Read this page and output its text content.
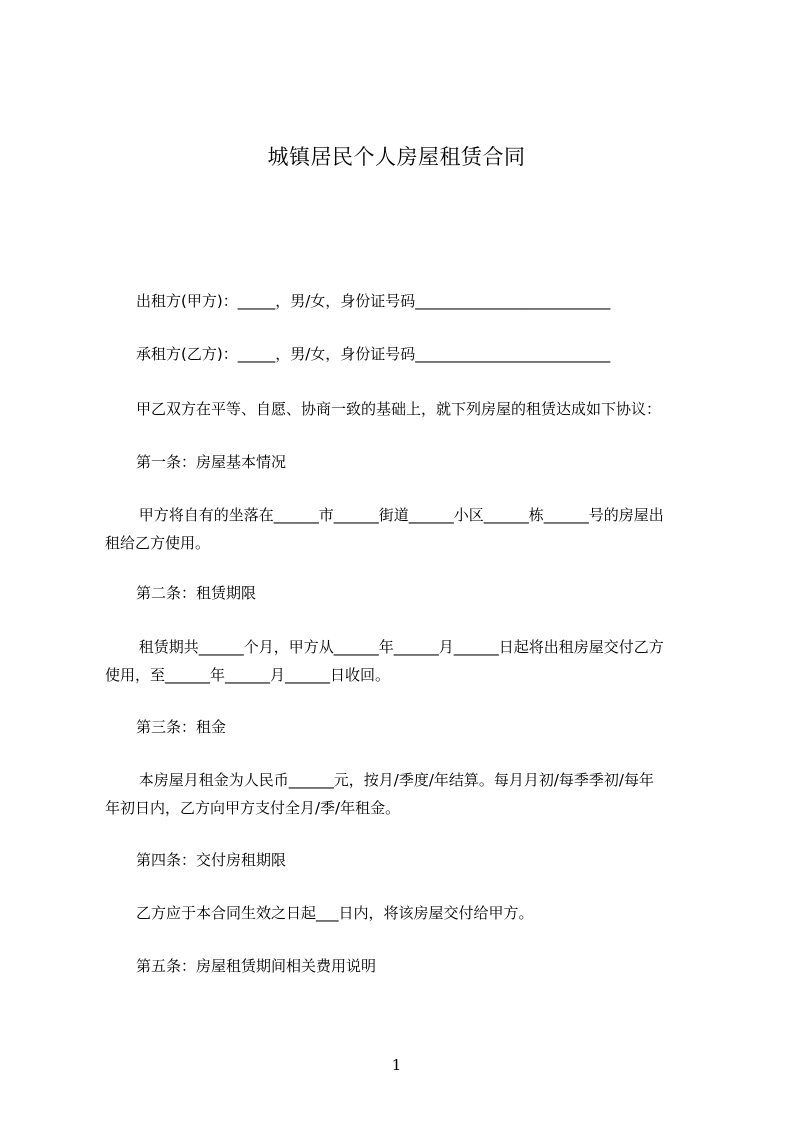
城镇居民个人房屋租赁合同
出租方(甲方)：_____，男/女，身份证号码__________________________
承租方(乙方)：_____，男/女，身份证号码__________________________
甲乙双方在平等、自愿、协商一致的基础上，就下列房屋的租赁达成如下协议：
第一条：房屋基本情况
甲方将自有的坐落在______市______街道______小区______栋______号的房屋出
租给乙方使用。
第二条：租赁期限
租赁期共______个月，甲方从______年______月______日起将出租房屋交付乙方
使用，至______年______月______日收回。
第三条：租金
本房屋月租金为人民币______元，按月/季度/年结算。每月月初/每季季初/每年
年初日内，乙方向甲方支付全月/季/年租金。
第四条：交付房租期限
乙方应于本合同生效之日起___日内，将该房屋交付给甲方。
第五条：房屋租赁期间相关费用说明
1
